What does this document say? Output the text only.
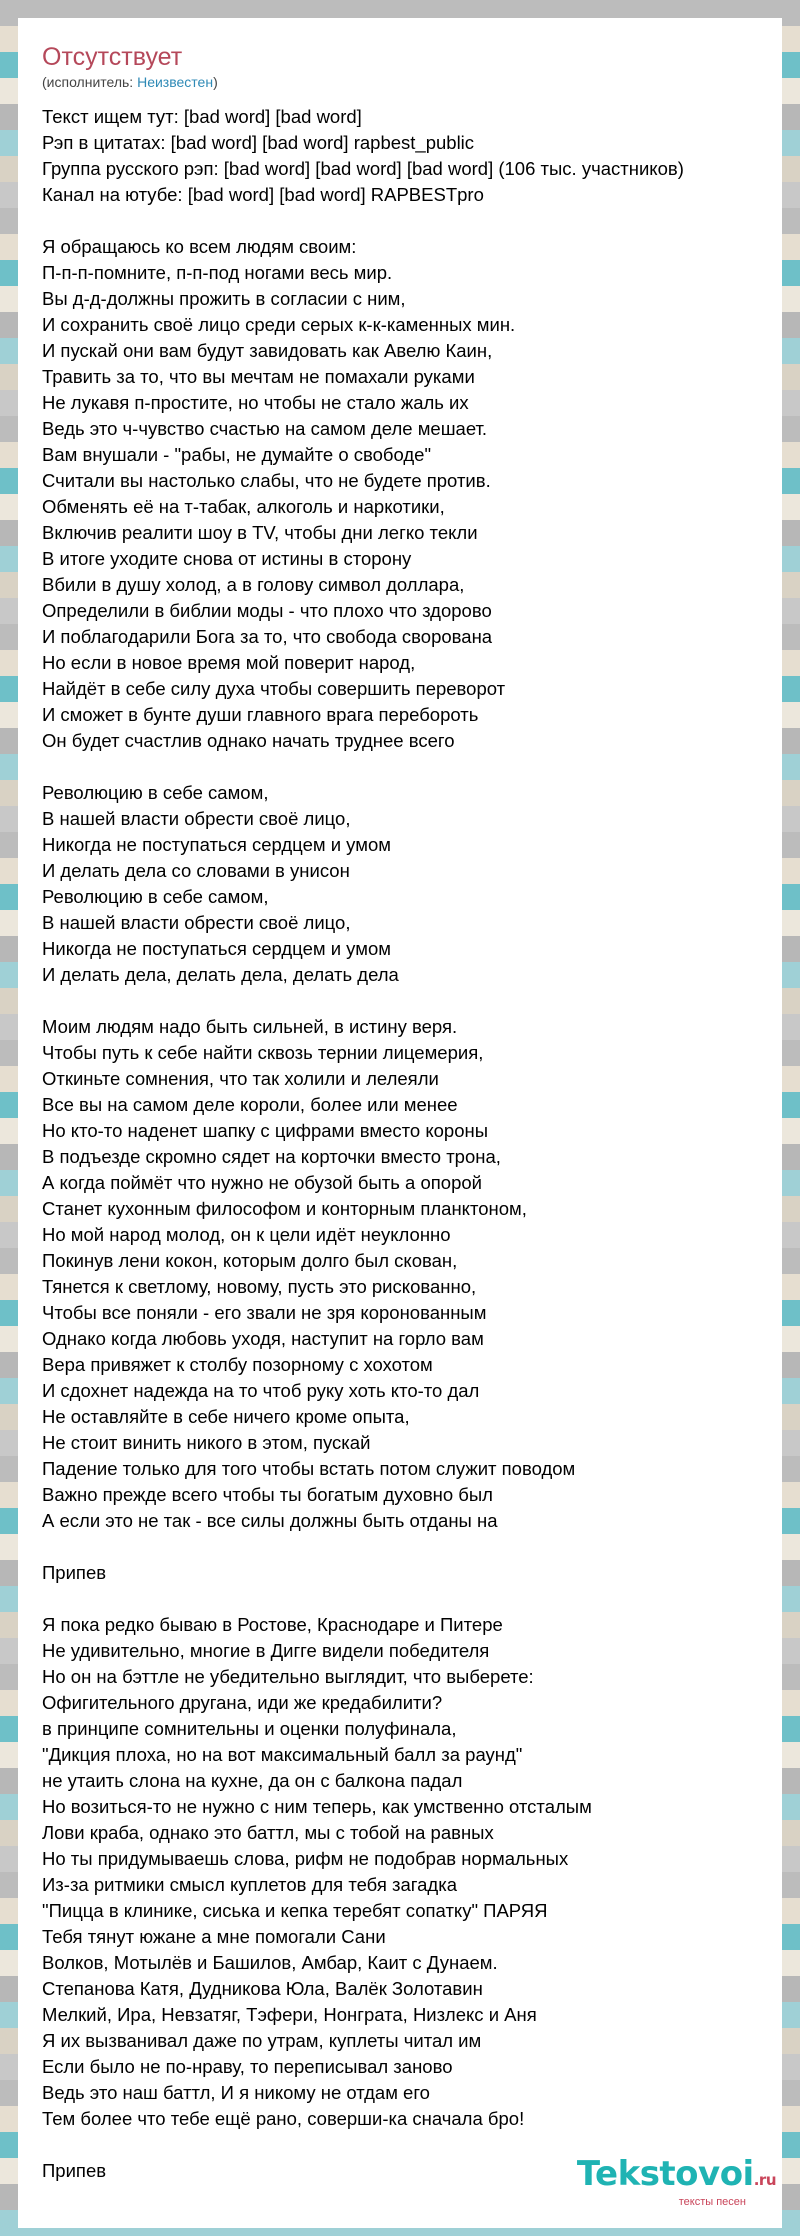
Отсутствует
(исполнитель: Неизвестен)
Текст ищем тут: [bad word] [bad word]
Рэп в цитатах: [bad word] [bad word] rapbest_public
Группа русского рэп: [bad word] [bad word] [bad word] (106 тыс. участников)
Канал на ютубе: [bad word] [bad word] RAPBESTpro
Я обращаюсь ко всем людям своим:
П-п-п-помните, п-п-под ногами весь мир.
Вы д-д-должны прожить в согласии с ним,
И сохранить своё лицо среди серых к-к-каменных мин.
И пускай они вам будут завидовать как Авелю Каин,
Травить за то, что вы мечтам не помахали руками
Не лукавя п-простите, но чтобы не стало жаль их
Ведь это ч-чувство счастью на самом деле мешает.
Вам внушали - "рабы, не думайте о свободе"
Считали вы настолько слабы, что не будете против.
Обменять её на т-табак, алкоголь и наркотики,
Включив реалити шоу в TV, чтобы дни легко текли
В итоге уходите снова от истины в сторону
Вбили в душу холод, а в голову символ доллара,
Определили в библии моды - что плохо что здорово
И поблагодарили Бога за то, что свобода сворована
Но если в новое время мой поверит народ,
Найдёт в себе силу духа чтобы совершить переворот
И сможет в бунте души главного врага перебороть
Он будет счастлив однако начать труднее всего
Революцию в себе самом,
В нашей власти обрести своё лицо,
Никогда не поступаться сердцем и умом
И делать дела со словами в унисон
Революцию в себе самом,
В нашей власти обрести своё лицо,
Никогда не поступаться сердцем и умом
И делать дела, делать дела, делать дела
Моим людям надо быть сильней, в истину веря.
Чтобы путь к себе найти сквозь тернии лицемерия,
Откиньте сомнения, что так холили и лелеяли
Все вы на самом деле короли, более или менее
Но кто-то наденет шапку с цифрами вместо короны
В подъезде скромно сядет на корточки вместо трона,
А когда поймёт что нужно не обузой быть а опорой
Станет кухонным философом и конторным планктоном,
Но мой народ молод, он к цели идёт неуклонно
Покинув лени кокон, которым долго был скован,
Тянется к светлому, новому, пусть это рискованно,
Чтобы все поняли - его звали не зря коронованным
Однако когда любовь уходя, наступит на горло вам
Вера привяжет к столбу позорному с хохотом
И сдохнет надежда на то чтоб руку хоть кто-то дал
Не оставляйте в себе ничего кроме опыта,
Не стоит винить никого в этом, пускай
Падение только для того чтобы встать потом служит поводом
Важно прежде всего чтобы ты богатым духовно был
А если это не так - все силы должны быть отданы на
Припев
Я пока редко бываю в Ростове, Краснодаре и Питере
Не удивительно, многие в Дигге видели победителя
Но он на бэттле не убедительно выглядит, что выберете:
Офигительного другана, иди же кредабилити?
в принципе сомнительны и оценки полуфинала,
"Дикция плоха, но на вот максимальный балл за раунд"
не утаить слона на кухне, да он с балкона падал
Но возиться-то не нужно с ним теперь, как умственно отсталым
Лови краба, однако это баттл, мы с тобой на равных
Но ты придумываешь слова, рифм не подобрав нормальных
Из-за ритмики смысл куплетов для тебя загадка
"Пицца в клинике, сиська и кепка теребят сопатку" ПАРЯЯ
Тебя тянут южане а мне помогали Сани
Волков, Мотылёв и Башилов, Амбар, Каит с Дунаем.
Степанова Катя, Дудникова Юла, Валёк Золотавин
Мелкий, Ира, Невзатяг, Тэфери, Нонграта, Низлекс и Аня
Я их вызванивал даже по утрам, куплеты читал им
Если было не по-нраву, то переписывал заново
Ведь это наш баттл, И я никому не отдам его
Тем более что тебе ещё рано, соверши-ка сначала бро!
Припев	Tekstovoi.ru
тексты песен
